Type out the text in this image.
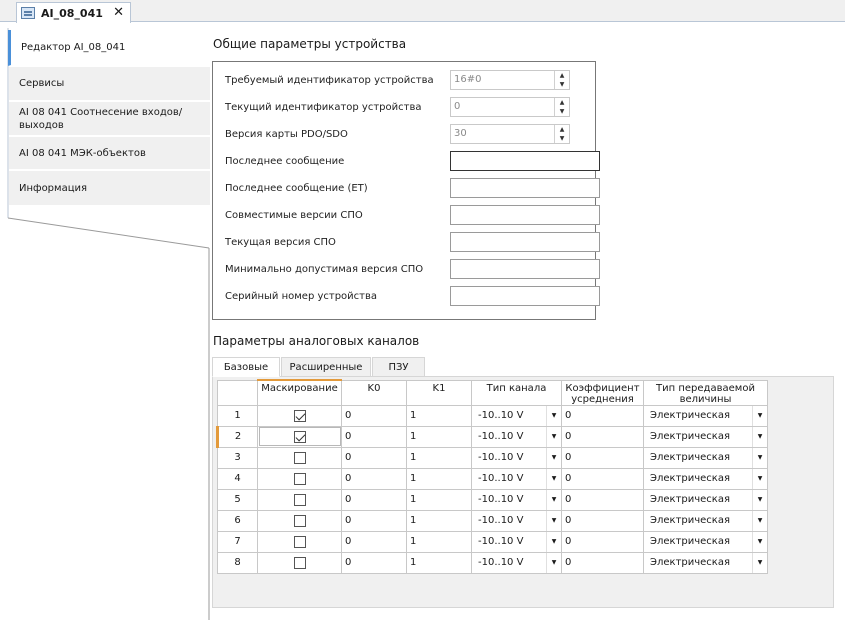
AI_08_041 ✕
Редактор AI_08_041
Сервисы
AI 08 041 Соотнесение входов/выходов
AI 08 041 МЭК-объектов
Информация
Общие параметры устройства
Требуемый идентификатор устройства 16#0	▲
▼
Текущий идентификатор устройства	0	▲
▼
Версия карты PDO/SDO	30	▲
▼
Последнее сообщение
Последнее сообщение (ET)
Совместимые версии СПО
Текущая версия СПО
Минимально допустимая версия СПО
Серийный номер устройства
Параметры аналоговых каналов
Базовые Расширенные	ПЗУ
	Маскирование	K0	K1	Тип канала	Коэффициент усреднения	Тип передаваемой величины
1		0	1	-10..10 V ▼	0	Электрическая ▼

2		0	1	-10..10 V ▼	0	Электрическая ▼

3		0	1	-10..10 V ▼	0	Электрическая ▼

4		0	1	-10..10 V ▼	0	Электрическая ▼

5		0	1	-10..10 V ▼	0	Электрическая ▼

6		0	1	-10..10 V ▼	0	Электрическая ▼

7		0	1	-10..10 V ▼	0	Электрическая ▼

8		0	1	-10..10 V ▼	0	Электрическая ▼
